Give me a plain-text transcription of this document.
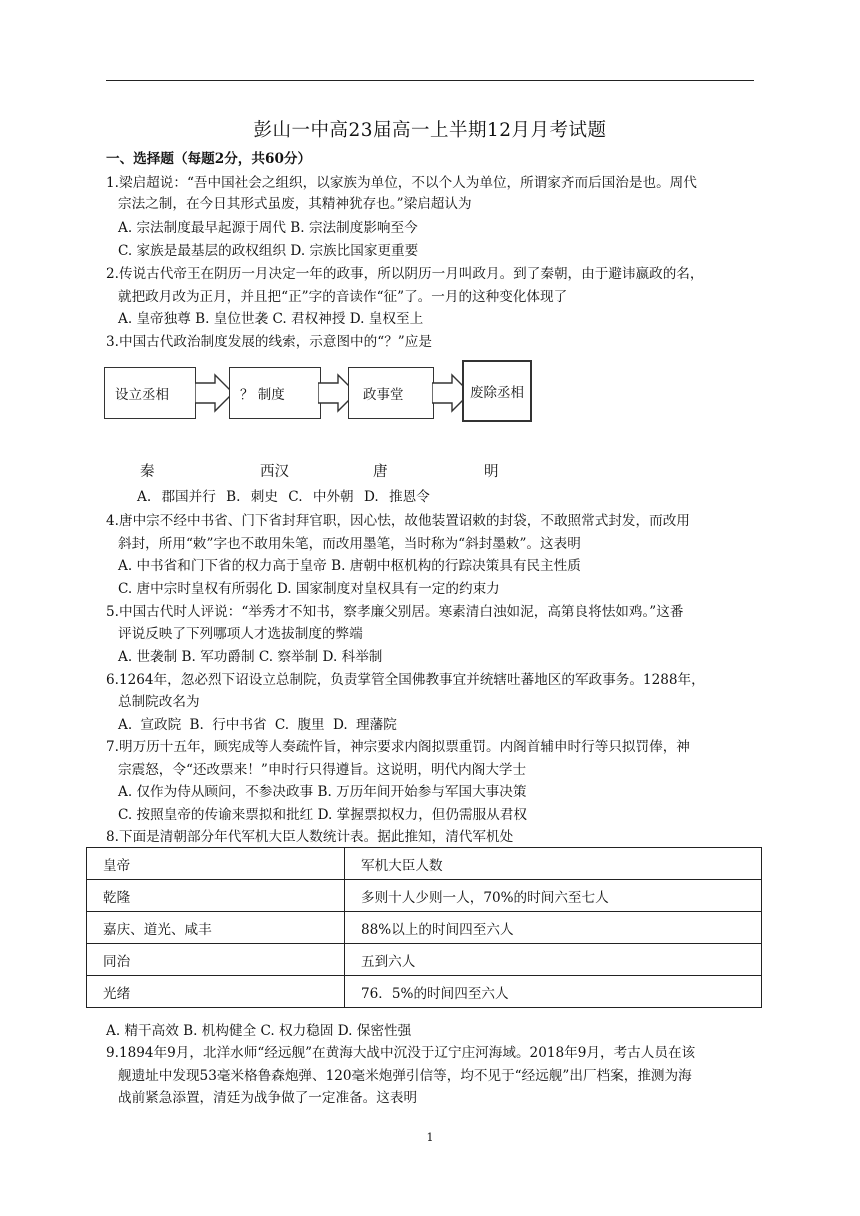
彭山一中高23届高一上半期12月月考试题
一、选择题（每题2分，共60分）
1.梁启超说：“吾中国社会之组织，以家族为单位，不以个人为单位，所谓家齐而后国治是也。周代
宗法之制，在今日其形式虽废，其精神犹存也。”梁启超认为
A. 宗法制度最早起源于周代 B. 宗法制度影响至今
C. 家族是最基层的政权组织 D. 宗族比国家更重要
2.传说古代帝王在阴历一月决定一年的政事，所以阴历一月叫政月。到了秦朝，由于避讳嬴政的名，
就把政月改为正月，并且把“正”字的音读作“征”了。一月的这种变化体现了
A. 皇帝独尊 B. 皇位世袭 C. 君权神授 D. 皇权至上
3.中国古代政治制度发展的线索，示意图中的“？”应是
设立丞相	？ 制度	政事堂	废除丞相
秦	西汉	唐	明
A. 郡国并行 B. 刺史 C. 中外朝 D. 推恩令
4.唐中宗不经中书省、门下省封拜官职，因心怯，故他装置诏敕的封袋，不敢照常式封发，而改用
斜封，所用“敕”字也不敢用朱笔，而改用墨笔，当时称为“斜封墨敕”。这表明
A. 中书省和门下省的权力高于皇帝 B. 唐朝中枢机构的行踪决策具有民主性质
C. 唐中宗时皇权有所弱化 D. 国家制度对皇权具有一定的约束力
5.中国古代时人评说：“举秀才不知书，察孝廉父别居。寒素清白浊如泥，高第良将怯如鸡。”这番
评说反映了下列哪项人才选拔制度的弊端
A. 世袭制 B. 军功爵制 C. 察举制 D. 科举制
6.1264年，忽必烈下诏设立总制院，负责掌管全国佛教事宜并统辖吐蕃地区的军政事务。1288年，
总制院改名为
A. 宣政院 B. 行中书省 C. 腹里 D. 理藩院
7.明万历十五年，顾宪成等人奏疏忤旨，神宗要求内阁拟票重罚。内阁首辅申时行等只拟罚俸，神
宗震怒，令“还改票来！”申时行只得遵旨。这说明，明代内阁大学士
A. 仅作为侍从顾问，不参决政事 B. 万历年间开始参与军国大事决策
C. 按照皇帝的传谕来票拟和批红 D. 掌握票拟权力，但仍需服从君权
8.下面是清朝部分年代军机大臣人数统计表。据此推知，清代军机处
皇帝	军机大臣人数
乾隆	多则十人少则一人，70%的时间六至七人
嘉庆、道光、咸丰	88%以上的时间四至六人
同治	五到六人
光绪	76．5%的时间四至六人
A. 精干高效 B. 机构健全 C. 权力稳固 D. 保密性强
9.1894年9月，北洋水师“经远舰”在黄海大战中沉没于辽宁庄河海域。2018年9月，考古人员在该
舰遗址中发现53毫米格鲁森炮弹、120毫米炮弹引信等，均不见于“经远舰”出厂档案，推测为海
战前紧急添置，清廷为战争做了一定准备。这表明
1
